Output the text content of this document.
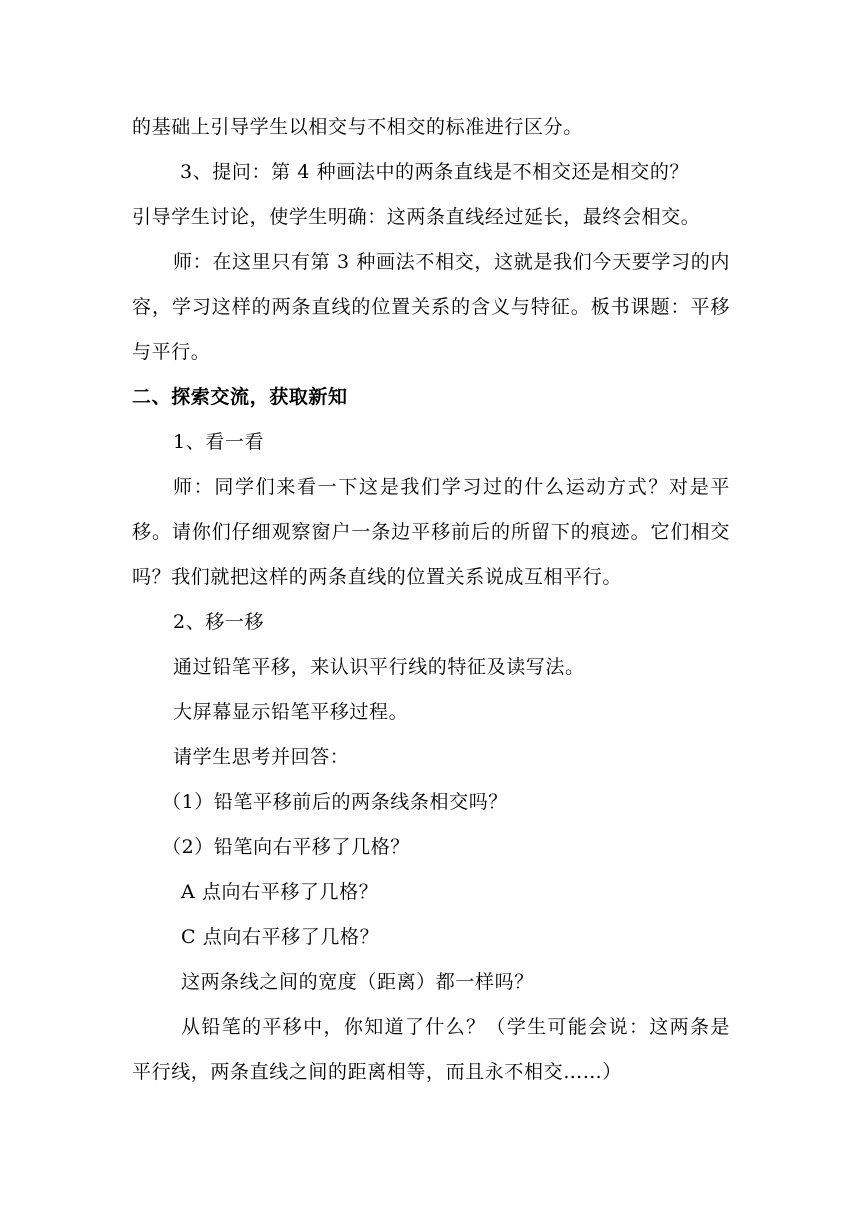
的基础上引导学生以相交与不相交的标准进行区分。
3、提问：第 4 种画法中的两条直线是不相交还是相交的？
引导学生讨论，使学生明确：这两条直线经过延长，最终会相交。
师：在这里只有第 3 种画法不相交，这就是我们今天要学习的内
容，学习这样的两条直线的位置关系的含义与特征。板书课题：平移
与平行。
二、探索交流，获取新知
1、看一看
师：同学们来看一下这是我们学习过的什么运动方式？对是平
移。请你们仔细观察窗户一条边平移前后的所留下的痕迹。它们相交
吗？我们就把这样的两条直线的位置关系说成互相平行。
2、移一移
通过铅笔平移，来认识平行线的特征及读写法。
大屏幕显示铅笔平移过程。
请学生思考并回答：
（1）铅笔平移前后的两条线条相交吗？
（2）铅笔向右平移了几格？
A 点向右平移了几格？
C 点向右平移了几格？
这两条线之间的宽度（距离）都一样吗？
从铅笔的平移中，你知道了什么？（学生可能会说：这两条是
平行线，两条直线之间的距离相等，而且永不相交……）
